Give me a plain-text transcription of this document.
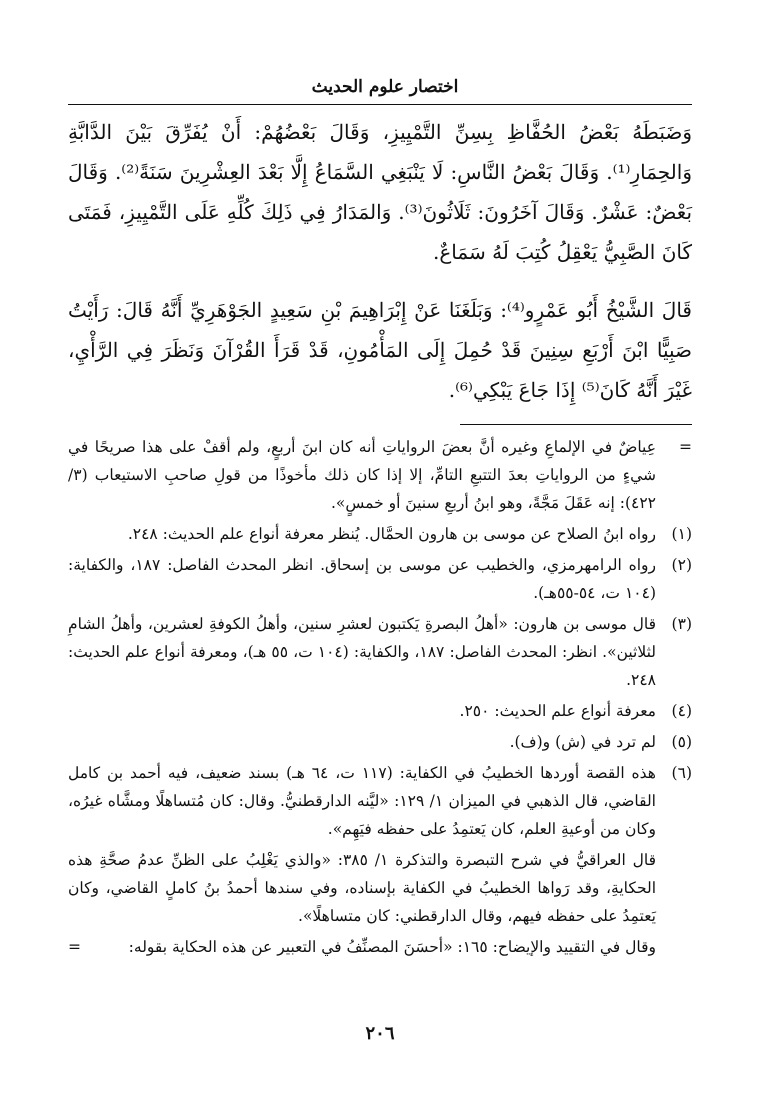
اختصار علوم الحديث

وَضَبَطَهُ بَعْضُ الحُفَّاظِ بِسِنِّ التَّمْيِيزِ، وَقَالَ بَعْضُهُمْ: أَنْ يُفَرِّقَ بَيْنَ الدَّابَّةِ وَالحِمَارِ⁽¹⁾. وَقَالَ بَعْضُ النَّاسِ: لَا يَنْبَغِي السَّمَاعُ إِلَّا بَعْدَ العِشْرِينَ سَنَةً⁽²⁾. وَقَالَ بَعْضٌ: عَشْرٌ. وَقَالَ آخَرُونَ: ثَلَاثُونَ⁽³⁾. وَالمَدَارُ فِي ذَلِكَ كُلِّهِ عَلَى التَّمْيِيزِ، فَمَتَى كَانَ الصَّبِيُّ يَعْقِلُ كُتِبَ لَهُ سَمَاعٌ.

قَالَ الشَّيْخُ أَبُو عَمْرٍو⁽⁴⁾: وَبَلَغَنَا عَنْ إِبْرَاهِيمَ بْنِ سَعِيدٍ الجَوْهَرِيِّ أَنَّهُ قَالَ: رَأَيْتُ صَبِيًّا ابْنَ أَرْبَعِ سِنِينَ قَدْ حُمِلَ إِلَى المَأْمُونِ، قَدْ قَرَأَ القُرْآنَ وَنَظَرَ فِي الرَّأْيِ، غَيْرَ أَنَّهُ كَانَ⁽⁵⁾ إِذَا جَاعَ يَبْكِي⁽⁶⁾.

=
عِياضٌ في الإلماعِ وغيره أنَّ بعضَ الرواياتِ أنه كان ابنَ أربعٍ، ولم أقفْ على هذا صريحًا في شيءٍ من الرواياتِ بعدَ التتبعِ التامِّ، إلا إذا كان ذلك مأخوذًا من قولِ صاحبِ الاستيعاب (٣/ ٤٢٢): إنه عَقَلَ مَجَّةً، وهو ابنُ أربعِ سنينَ أو خمسٍ».
(١)
رواه ابنُ الصلاح عن موسى بن هارون الحمَّال. يُنظر معرفة أنواع علم الحديث: ٢٤٨.
(٢)
رواه الرامهرمزي، والخطيب عن موسى بن إسحاق. انظر المحدث الفاصل: ١٨٧، والكفاية: (١٠٤ ت، ٥٤-٥٥هـ).
(٣)
قال موسى بن هارون: «أهلُ البصرةِ يَكتبون لعشرِ سنين، وأهلُ الكوفةِ لعشرين، وأهلُ الشامِ لثلاثين». انظر: المحدث الفاصل: ١٨٧، والكفاية: (١٠٤ ت، ٥٥ هـ)، ومعرفة أنواع علم الحديث: ٢٤٨.
(٤)
معرفة أنواع علم الحديث: ٢٥٠.
(٥)
لم ترد في (ش) و(ف).
(٦)
هذه القصة أوردها الخطيبُ في الكفاية: (١١٧ ت، ٦٤ هـ) بسند ضعيف، فيه أحمد بن كامل القاضي، قال الذهبي في الميزان ١/ ١٢٩: «ليَّنه الدارقطنيُّ. وقال: كان مُتساهلًا ومشَّاه غيرُه، وكان من أوعيةِ العلم، كان يَعتمِدُ على حفظه فيَهِم».
قال العراقيُّ في شرح التبصرة والتذكرة ١/ ٣٨٥: «والذي يَغْلِبُ على الظنِّ عدمُ صحَّةِ هذه الحكايةِ، وقد رَواها الخطيبُ في الكفاية بإسناده، وفي سندها أحمدُ بنُ كاملٍ القاضي، وكان يَعتمِدُ على حفظه فيهم، وقال الدارقطني: كان متساهلًا».
وقال في التقييد والإيضاح: ١٦٥: «أحسَنَ المصنِّفُ في التعبير عن هذه الحكاية بقوله:
=
٢٠٦
